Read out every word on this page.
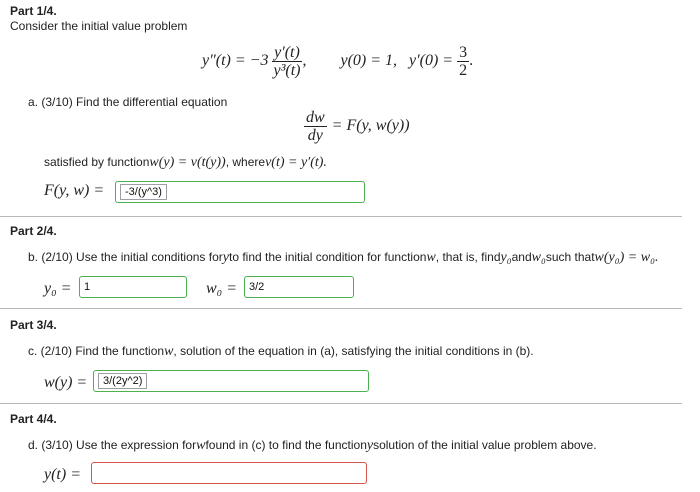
Part 1/4.
Consider the initial value problem
$y''(t) = -3 \frac{y'(t)}{\text{y³(t)}}$ , y(0) = 1, $y'(0) = \frac{3}{2}$ .
a. (3/10) Find the differential equation
$\frac{dw}{dy} = F(y$, w(y))
satisfied by function w(y) = v(t(y)) , where v(t) = y′(t).
F(y, w) =	-3/(y^3)
Part 2/4.
b. (2/10) Use the initial conditions for y to find the initial condition for function w , that is, find y₀ and w₀ such that w(y₀) = w₀.
y₀ =	1	w₀ =	3/2
Part 3/4.
c. (2/10) Find the function w , solution of the equation in (a), satisfying the initial conditions in (b).
w(y) =	3/(2y^2)
Part 4/4.
d. (3/10) Use the expression for w found in (c) to find the function y solution of the initial value problem above.
y(t) =
